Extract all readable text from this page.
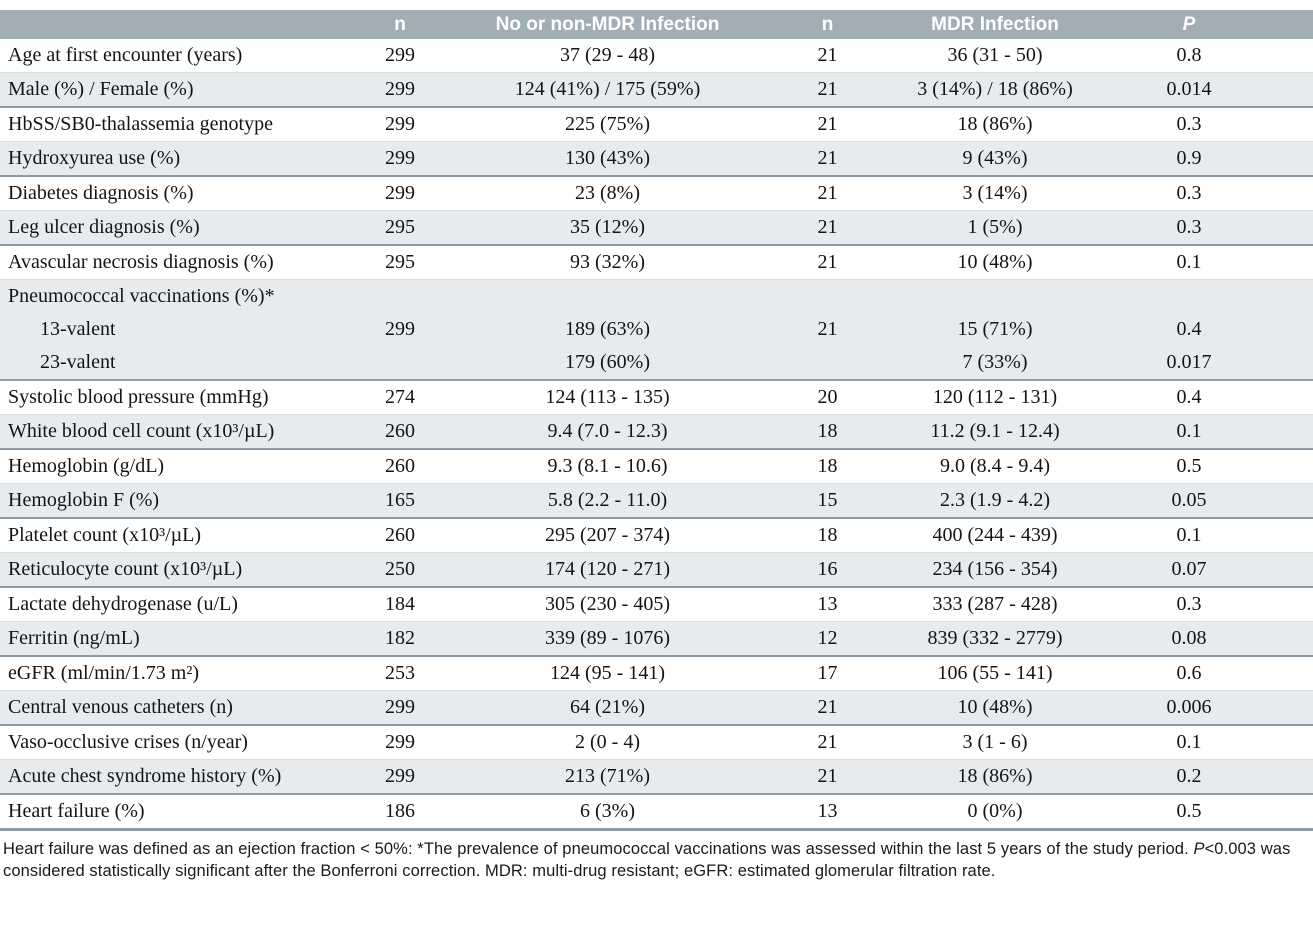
	n	No or non-MDR Infection	n	MDR Infection	P
Age at first encounter (years)	299	37 (29 - 48)	21	36 (31 - 50)	0.8
Male (%) / Female (%)	299	124 (41%) / 175 (59%)	21	3 (14%) / 18 (86%)	0.014
HbSS/SB0-thalassemia genotype	299	225 (75%)	21	18 (86%)	0.3
Hydroxyurea use (%)	299	130 (43%)	21	9 (43%)	0.9
Diabetes diagnosis (%)	299	23 (8%)	21	3 (14%)	0.3
Leg ulcer diagnosis (%)	295	35 (12%)	21	1 (5%)	0.3
Avascular necrosis diagnosis (%)	295	93 (32%)	21	10 (48%)	0.1
Pneumococcal vaccinations (%)*					
13-valent	299	189 (63%)	21	15 (71%)	0.4
23-valent		179 (60%)		7 (33%)	0.017
Systolic blood pressure (mmHg)	274	124 (113 - 135)	20	120 (112 - 131)	0.4
White blood cell count (x10³/µL)	260	9.4 (7.0 - 12.3)	18	11.2 (9.1 - 12.4)	0.1
Hemoglobin (g/dL)	260	9.3 (8.1 - 10.6)	18	9.0 (8.4 - 9.4)	0.5
Hemoglobin F (%)	165	5.8 (2.2 - 11.0)	15	2.3 (1.9 - 4.2)	0.05
Platelet count (x10³/µL)	260	295 (207 - 374)	18	400 (244 - 439)	0.1
Reticulocyte count (x10³/µL)	250	174 (120 - 271)	16	234 (156 - 354)	0.07
Lactate dehydrogenase (u/L)	184	305 (230 - 405)	13	333 (287 - 428)	0.3
Ferritin (ng/mL)	182	339 (89 - 1076)	12	839 (332 - 2779)	0.08
eGFR (ml/min/1.73 m²)	253	124 (95 - 141)	17	106 (55 - 141)	0.6
Central venous catheters (n)	299	64 (21%)	21	10 (48%)	0.006
Vaso-occlusive crises (n/year)	299	2 (0 - 4)	21	3 (1 - 6)	0.1
Acute chest syndrome history (%)	299	213 (71%)	21	18 (86%)	0.2
Heart failure (%)	186	6 (3%)	13	0 (0%)	0.5

Heart failure was defined as an ejection fraction < 50%: *The prevalence of pneumococcal vaccinations was assessed within the last 5 years of the study period. P<0.003 was considered statistically significant after the Bonferroni correction. MDR: multi-drug resistant; eGFR: estimated glomerular filtration rate.
